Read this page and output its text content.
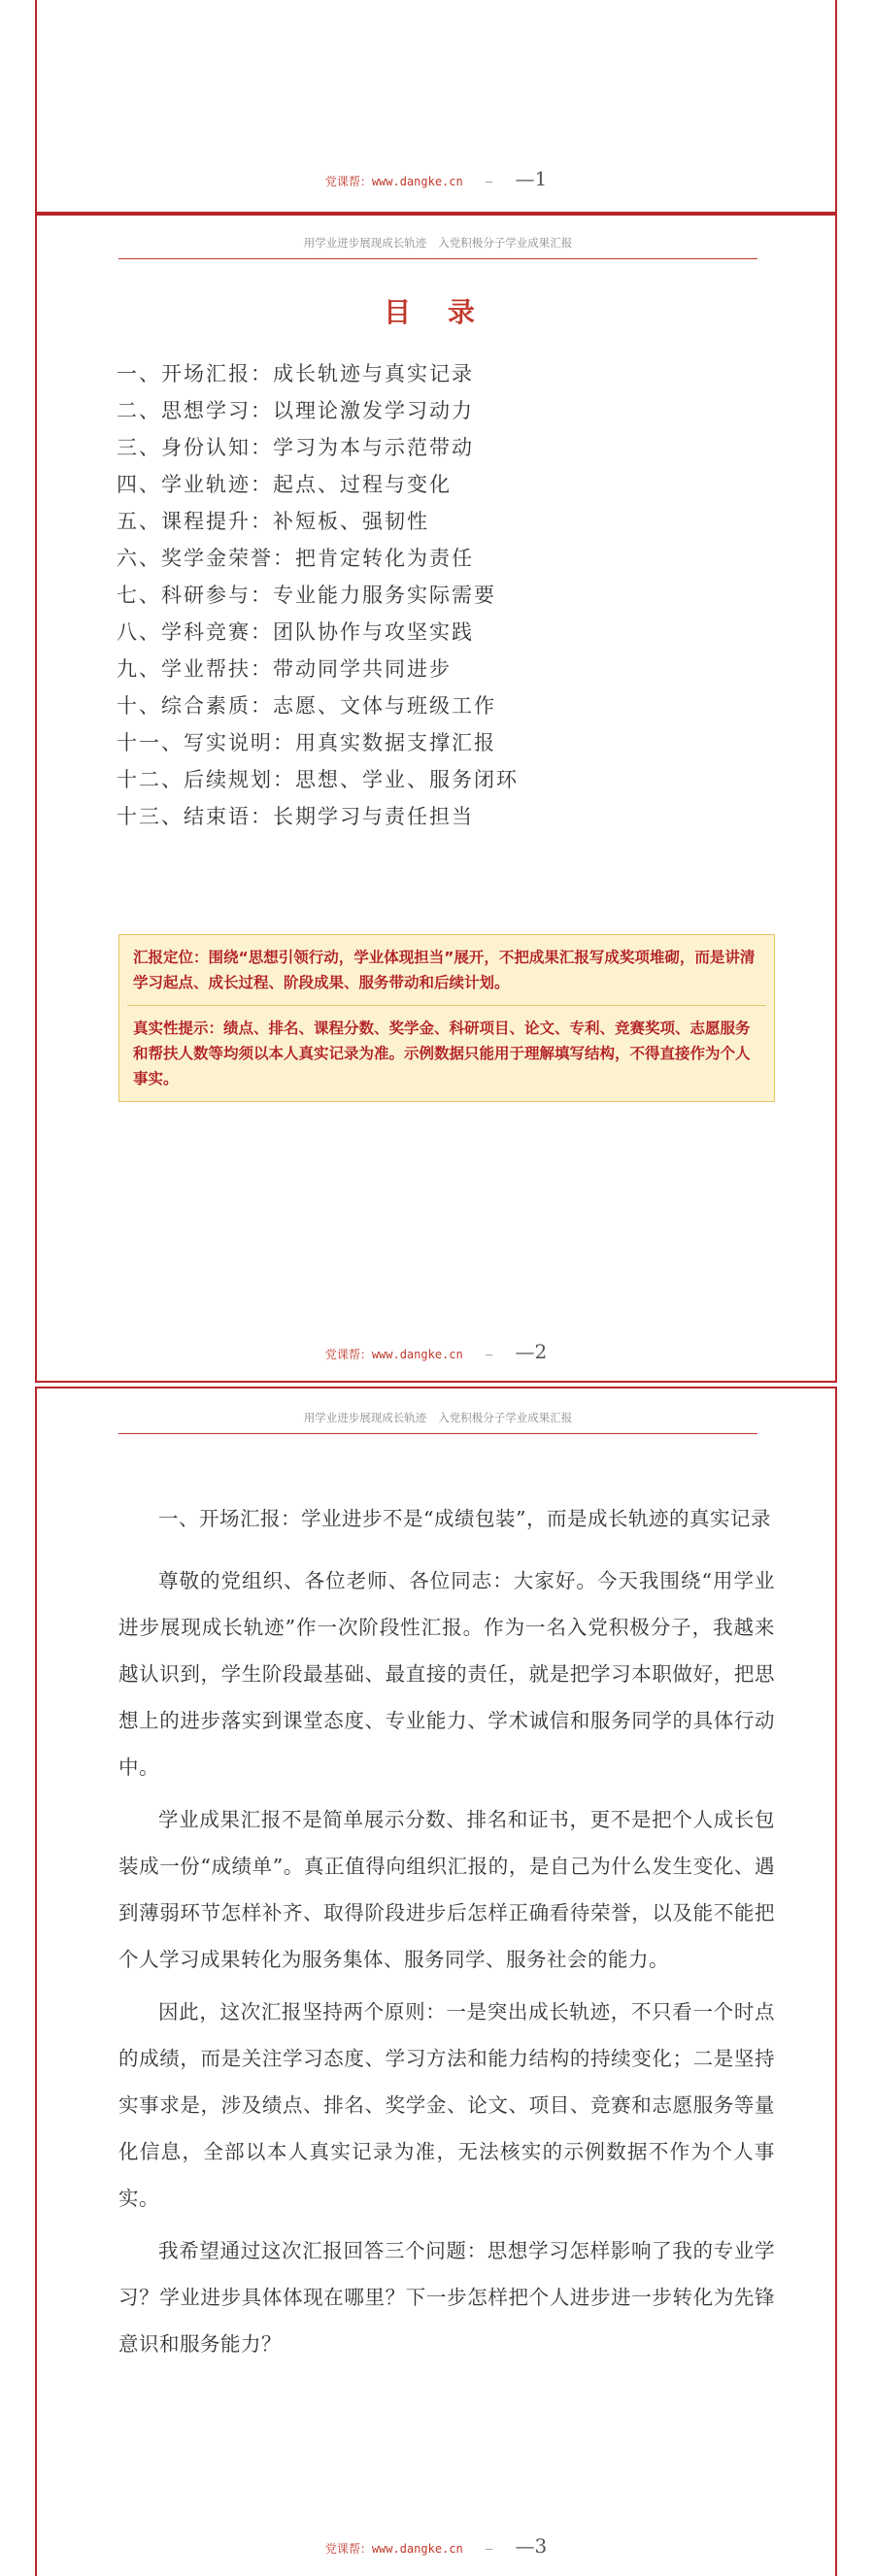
党课帮：www.dangke.cn — —1
用学业进步展现成长轨迹 入党积极分子学业成果汇报
目 录
一、开场汇报：成长轨迹与真实记录
二、思想学习：以理论激发学习动力
三、身份认知：学习为本与示范带动
四、学业轨迹：起点、过程与变化
五、课程提升：补短板、强韧性
六、奖学金荣誉：把肯定转化为责任
七、科研参与：专业能力服务实际需要
八、学科竞赛：团队协作与攻坚实践
九、学业帮扶：带动同学共同进步
十、综合素质：志愿、文体与班级工作
十一、写实说明：用真实数据支撑汇报
十二、后续规划：思想、学业、服务闭环
十三、结束语：长期学习与责任担当
汇报定位：围绕“思想引领行动，学业体现担当”展开，不把成果汇报写成奖项堆砌，而是讲清学习起点、成长过程、阶段成果、服务带动和后续计划。
真实性提示：绩点、排名、课程分数、奖学金、科研项目、论文、专利、竞赛奖项、志愿服务和帮扶人数等均须以本人真实记录为准。示例数据只能用于理解填写结构，不得直接作为个人事实。
党课帮：www.dangke.cn — —2
用学业进步展现成长轨迹 入党积极分子学业成果汇报

一、开场汇报：学业进步不是“成绩包装”，而是成长轨迹的真实记录

尊敬的党组织、各位老师、各位同志：大家好。今天我围绕“用学业进步展现成长轨迹”作一次阶段性汇报。作为一名入党积极分子，我越来越认识到，学生阶段最基础、最直接的责任，就是把学习本职做好，把思想上的进步落实到课堂态度、专业能力、学术诚信和服务同学的具体行动中。

学业成果汇报不是简单展示分数、排名和证书，更不是把个人成长包装成一份“成绩单”。真正值得向组织汇报的，是自己为什么发生变化、遇到薄弱环节怎样补齐、取得阶段进步后怎样正确看待荣誉，以及能不能把个人学习成果转化为服务集体、服务同学、服务社会的能力。

因此，这次汇报坚持两个原则：一是突出成长轨迹，不只看一个时点的成绩，而是关注学习态度、学习方法和能力结构的持续变化；二是坚持实事求是，涉及绩点、排名、奖学金、论文、项目、竞赛和志愿服务等量化信息，全部以本人真实记录为准，无法核实的示例数据不作为个人事实。

我希望通过这次汇报回答三个问题：思想学习怎样影响了我的专业学习？学业进步具体体现在哪里？下一步怎样把个人进步进一步转化为先锋意识和服务能力？

党课帮：www.dangke.cn — —3
